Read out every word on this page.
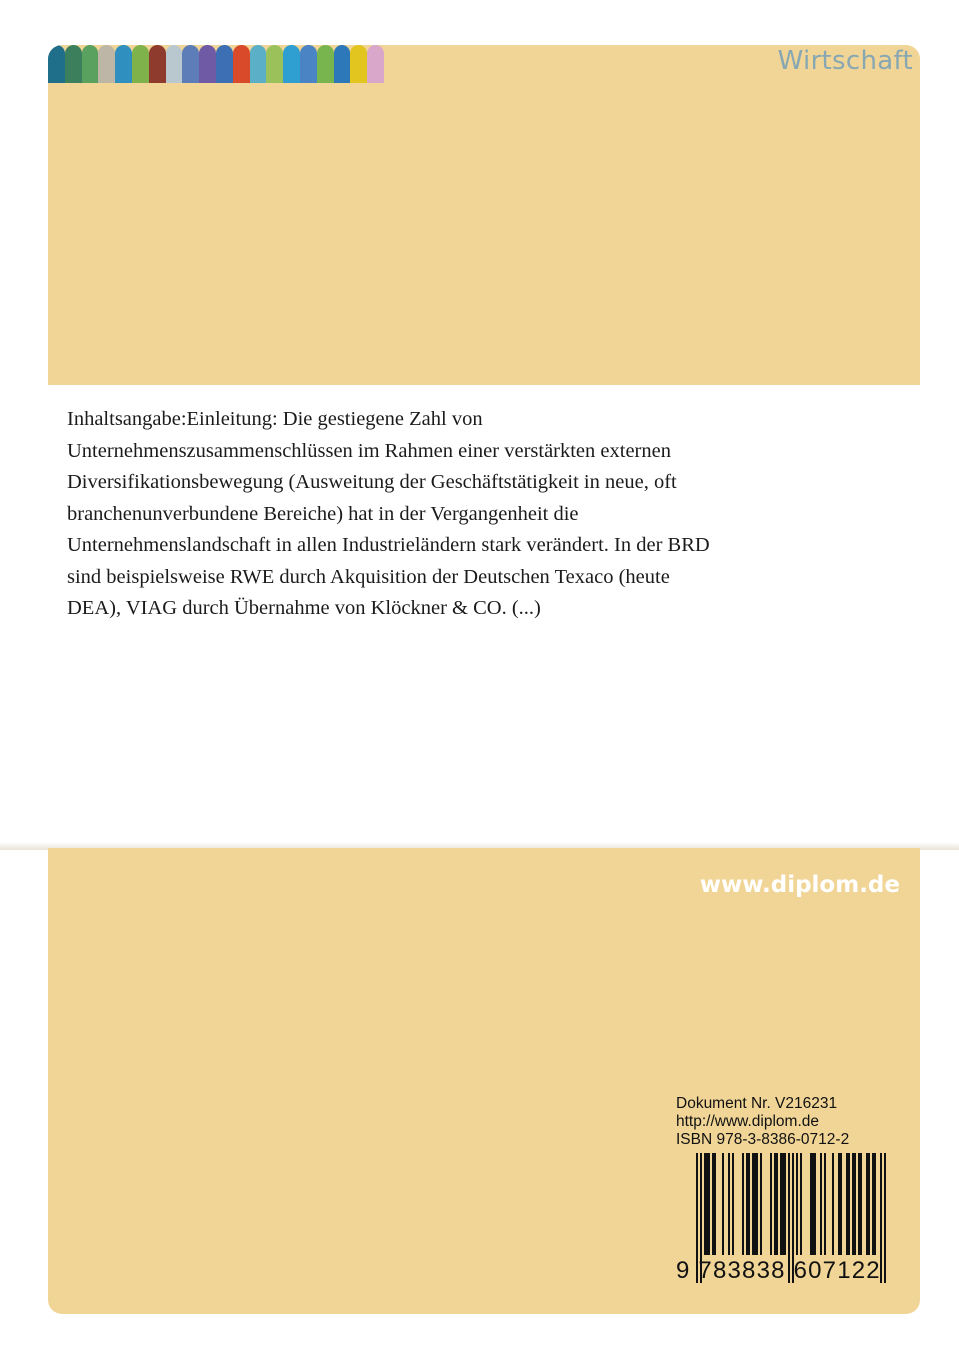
Wirtschaft
Inhaltsangabe:Einleitung: Die gestiegene Zahl von
Unternehmenszusammenschlüssen im Rahmen einer verstärkten externen
Diversifikationsbewegung (Ausweitung der Geschäftstätigkeit in neue, oft
branchenunverbundene Bereiche) hat in der Vergangenheit die
Unternehmenslandschaft in allen Industrieländern stark verändert. In der BRD
sind beispielsweise RWE durch Akquisition der Deutschen Texaco (heute
DEA), VIAG durch Übernahme von Klöckner & CO. (...)
www.diplom.de
Dokument Nr. V216231
http://www.diplom.de
ISBN 978-3-8386-0712-2
9 783838 607122
